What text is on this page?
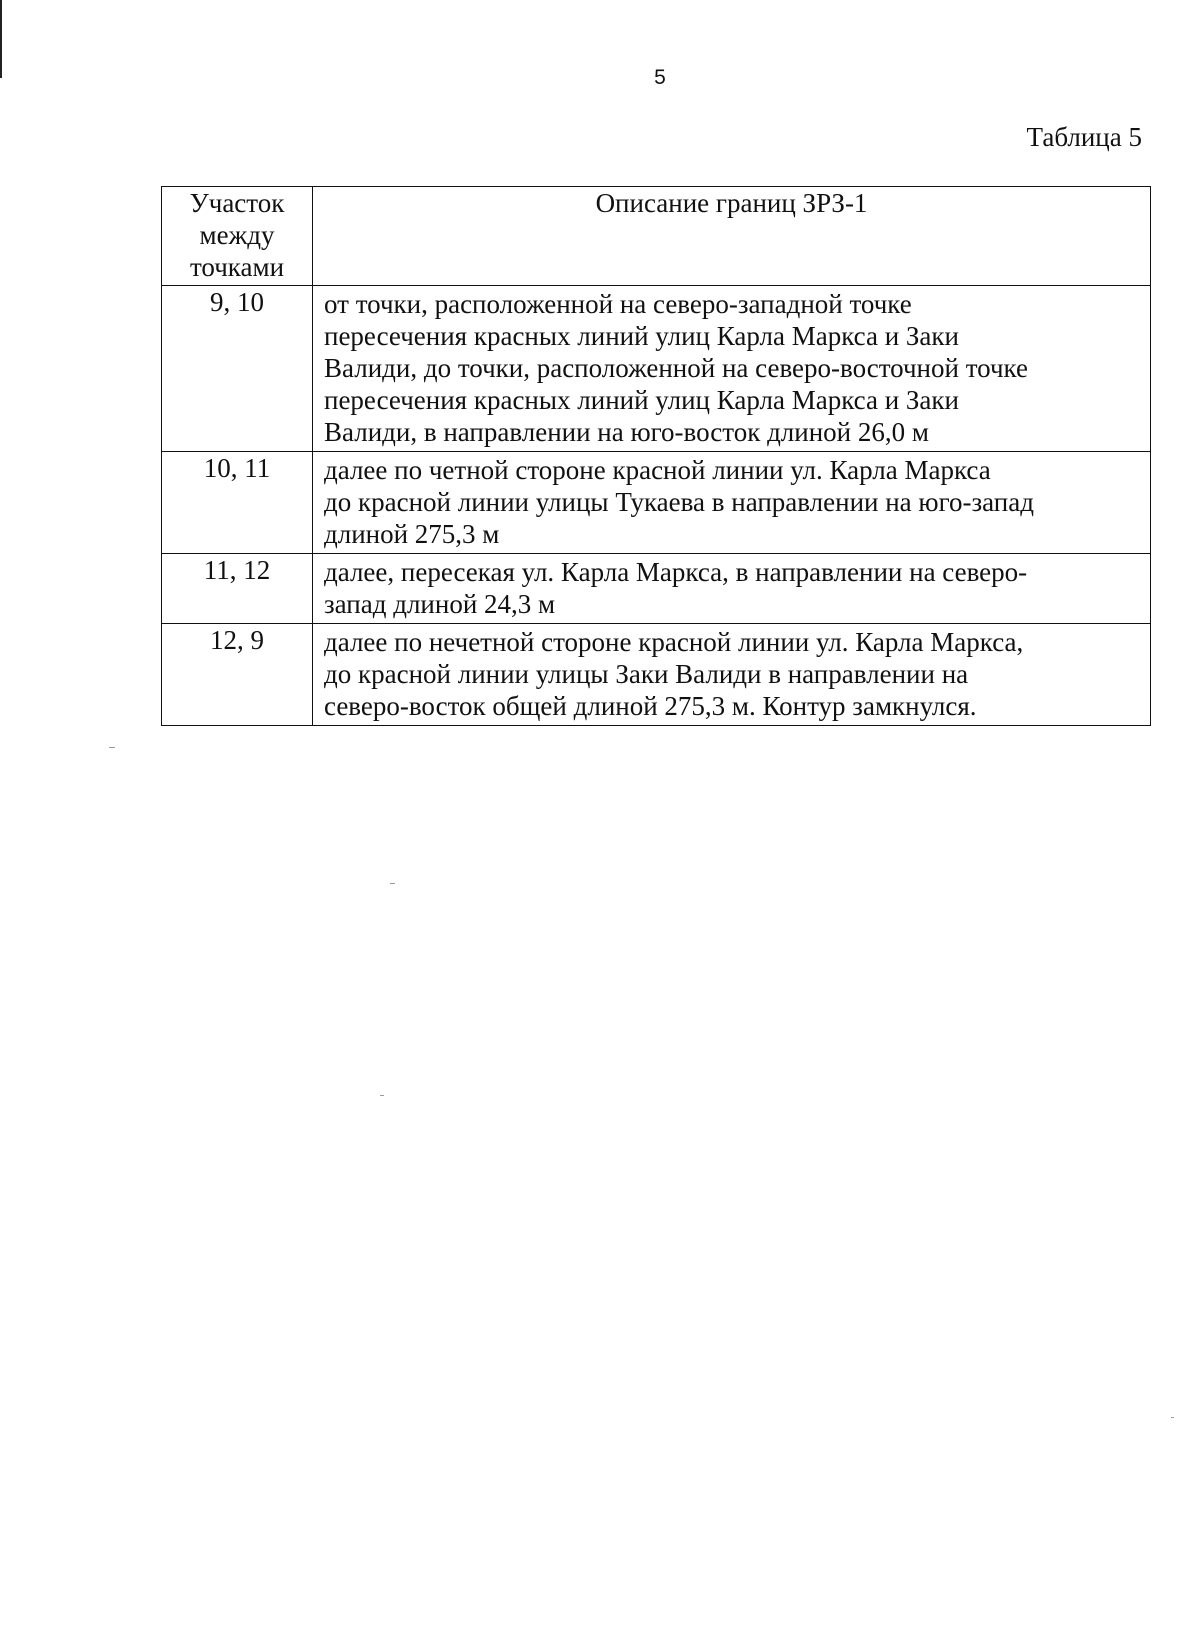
5
Таблица 5
Участок
между
точками	Описание границ ЗРЗ-1
9, 10	от точки, расположенной на северо-западной точке
пересечения красных линий улиц Карла Маркса и Заки
Валиди, до точки, расположенной на северо-восточной точке
пересечения красных линий улиц Карла Маркса и Заки
Валиди, в направлении на юго-восток длиной 26,0 м

10, 11	далее по четной стороне красной линии ул. Карла Маркса
до красной линии улицы Тукаева в направлении на юго-запад
длиной 275,3 м

11, 12	далее, пересекая ул. Карла Маркса, в направлении на северо-
запад длиной 24,3 м

12, 9	далее по нечетной стороне красной линии ул. Карла Маркса,
до красной линии улицы Заки Валиди в направлении на
северо-восток общей длиной 275,3 м. Контур замкнулся.
